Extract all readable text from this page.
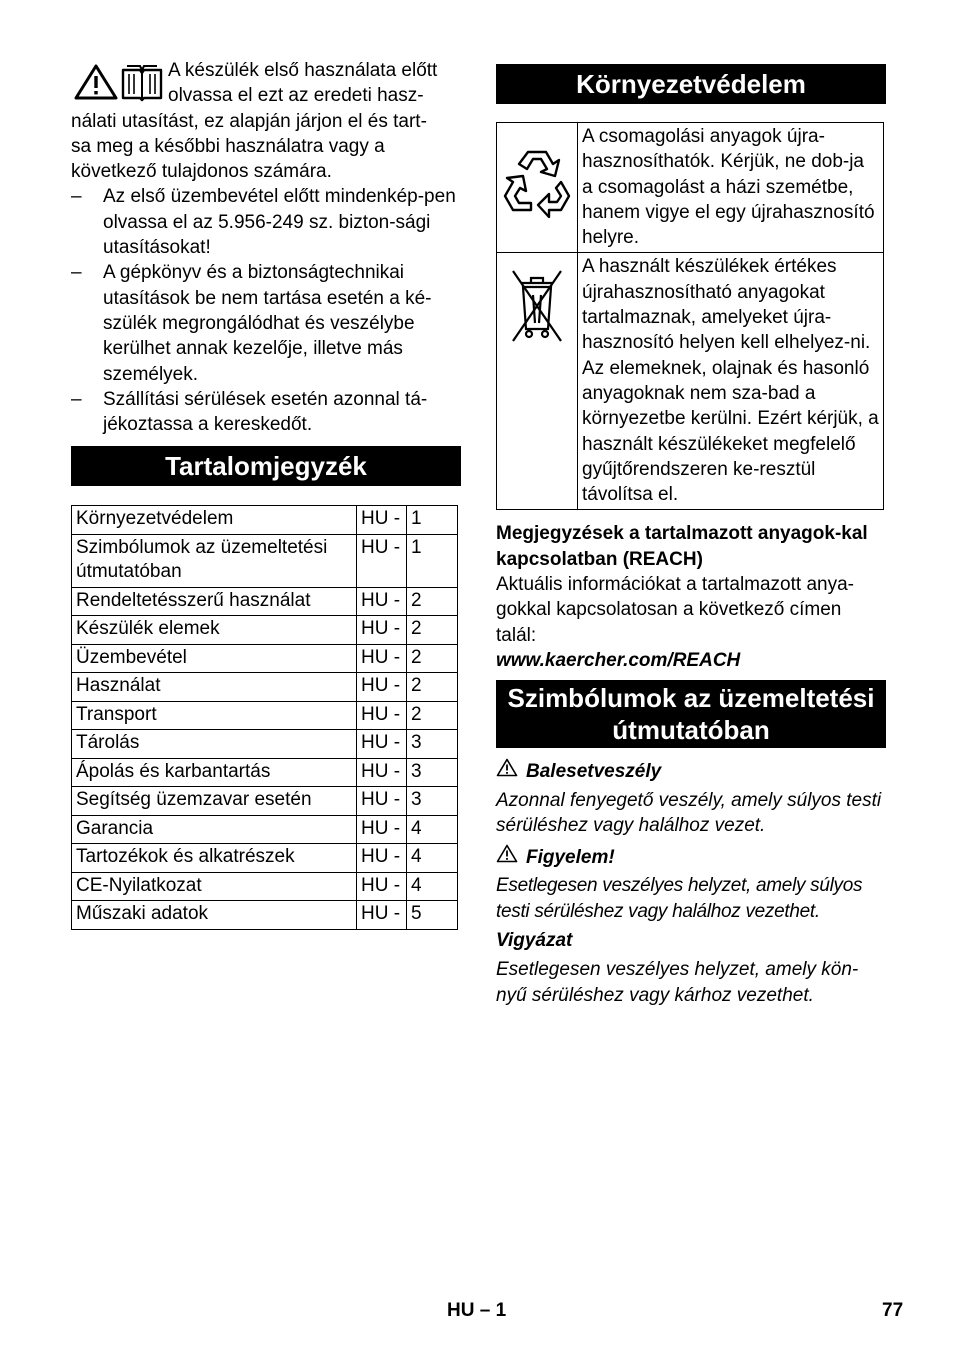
A készülék első használata előtt

olvassa el ezt az eredeti hasz-

nálati utasítást, ez alapján járjon el és tart-

sa meg a későbbi használatra vagy a

következő tulajdonos számára.

– Az első üzembevétel előtt mindenkép-pen olvassa el az 5.956-249 sz. bizton-sági utasításokat!
– A gépkönyv és a biztonságtechnikai utasítások be nem tartása esetén a ké-szülék megrongálódhat és veszélybe kerülhet annak kezelője, illetve más személyek.
– Szállítási sérülések esetén azonnal tá-jékoztassa a kereskedőt.
Tartalomjegyzék
Környezetvédelem	HU -	1
Szimbólumok az üzemeltetési útmutatóban	HU -	1
Rendeltetésszerű használat	HU -	2
Készülék elemek	HU -	2
Üzembevétel	HU -	2
Használat	HU -	2
Transport	HU -	2
Tárolás	HU -	3
Ápolás és karbantartás	HU -	3
Segítség üzemzavar esetén	HU -	3
Garancia	HU -	4
Tartozékok és alkatrészek	HU -	4
CE-Nyilatkozat	HU -	4
Műszaki adatok	HU -	5
Környezetvédelem
	A csomagolási anyagok újra-hasznosíthatók. Kérjük, ne dob-ja a csomagolást a házi szemétbe, hanem vigye el egy újrahasznosító helyre.
	A használt készülékek értékes újrahasznosítható anyagokat tartalmaznak, amelyeket újra-hasznosító helyen kell elhelyez-ni. Az elemeknek, olajnak és hasonló anyagoknak nem sza-bad a környezetbe kerülni. Ezért kérjük, a használt készülékeket megfelelő gyűjtőrendszeren ke-resztül távolítsa el.

Megjegyzések a tartalmazott anyagok-kal kapcsolatban (REACH)

Aktuális információkat a tartalmazott anya-gokkal kapcsolatosan a következő címen talál:

www.kaercher.com/REACH

Szimbólumok az üzemeltetési útmutatóban
Balesetveszély

Azonnal fenyegető veszély, amely súlyos testi sérüléshez vagy halálhoz vezet.

Figyelem!

Esetlegesen veszélyes helyzet, amely súlyos testi sérüléshez vagy halálhoz vezethet.

Vigyázat

Esetlegesen veszélyes helyzet, amely kön-nyű sérüléshez vagy kárhoz vezethet.

HU – 1	77
